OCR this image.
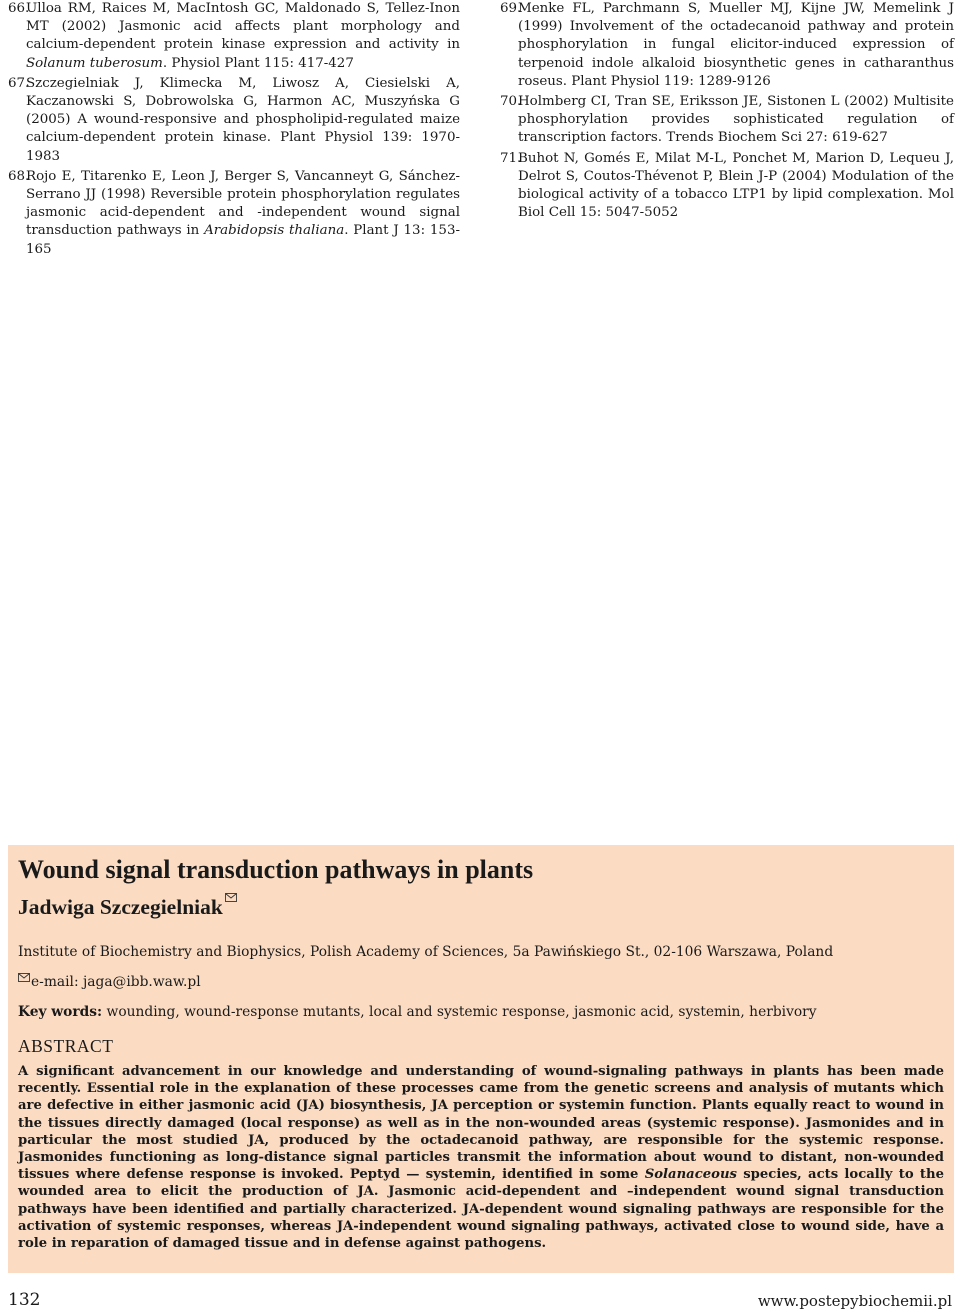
66.
Ulloa RM, Raices M, MacIntosh GC, Maldonado S, Tellez-Inon MT (2002) Jasmonic acid affects plant morphology and calcium-dependent protein kinase expression and activity in Solanum tuberosum. Physiol Plant 115: 417-427
67.
Szczegielniak J, Klimecka M, Liwosz A, Ciesielski A, Kaczanowski S, Dobrowolska G, Harmon AC, Muszyńska G (2005) A wound-responsive and phospholipid-regulated maize calcium-dependent protein kinase. Plant Physiol 139: 1970-1983
68.
Rojo E, Titarenko E, Leon J, Berger S, Vancanneyt G, Sánchez-Serrano JJ (1998) Reversible protein phosphorylation regulates jasmonic acid-dependent and -independent wound signal transduction pathways in Arabidopsis thaliana. Plant J 13: 153-165
69.
Menke FL, Parchmann S, Mueller MJ, Kijne JW, Memelink J (1999) Involvement of the octadecanoid pathway and protein phosphorylation in fungal elicitor-induced expression of terpenoid indole alkaloid biosynthetic genes in catharanthus roseus. Plant Physiol 119: 1289-9126
70.
Holmberg CI, Tran SE, Eriksson JE, Sistonen L (2002) Multisite phosphorylation provides sophisticated regulation of transcription factors. Trends Biochem Sci 27: 619-627
71.
Buhot N, Gomés E, Milat M-L, Ponchet M, Marion D, Lequeu J, Delrot S, Coutos-Thévenot P, Blein J-P (2004) Modulation of the biological activity of a tobacco LTP1 by lipid complexation. Mol Biol Cell 15: 5047-5052
Wound signal transduction pathways in plants
Jadwiga Szczegielniak
Institute of Biochemistry and Biophysics, Polish Academy of Sciences, 5a Pawińskiego St., 02-106 Warszawa, Poland
e-mail: jaga@ibb.waw.pl
Key words: wounding, wound-response mutants, local and systemic response, jasmonic acid, systemin, herbivory
ABSTRACT
A significant advancement in our knowledge and understanding of wound-signaling pathways in plants has been made recently. Essential role in the explanation of these processes came from the genetic screens and analysis of mutants which are defective in either jasmonic acid (JA) biosynthesis, JA perception or systemin function. Plants equally react to wound in the tissues directly damaged (local response) as well as in the non-wounded areas (systemic response). Jasmonides and in particular the most studied JA, produced by the octadecanoid pathway, are responsible for the systemic response. Jasmonides functioning as long-distance signal particles transmit the information about wound to distant, non-wounded tissues where defense response is invoked. Peptyd — systemin, identified in some Solanaceous species, acts locally to the wounded area to elicit the production of JA. Jasmonic acid-dependent and –independent wound signal transduction pathways have been identified and partially characterized. JA-dependent wound signaling pathways are responsible for the activation of systemic responses, whereas JA-independent wound signaling pathways, activated close to wound side, have a role in reparation of damaged tissue and in defense against pathogens.
132	www.postepybiochemii.pl
